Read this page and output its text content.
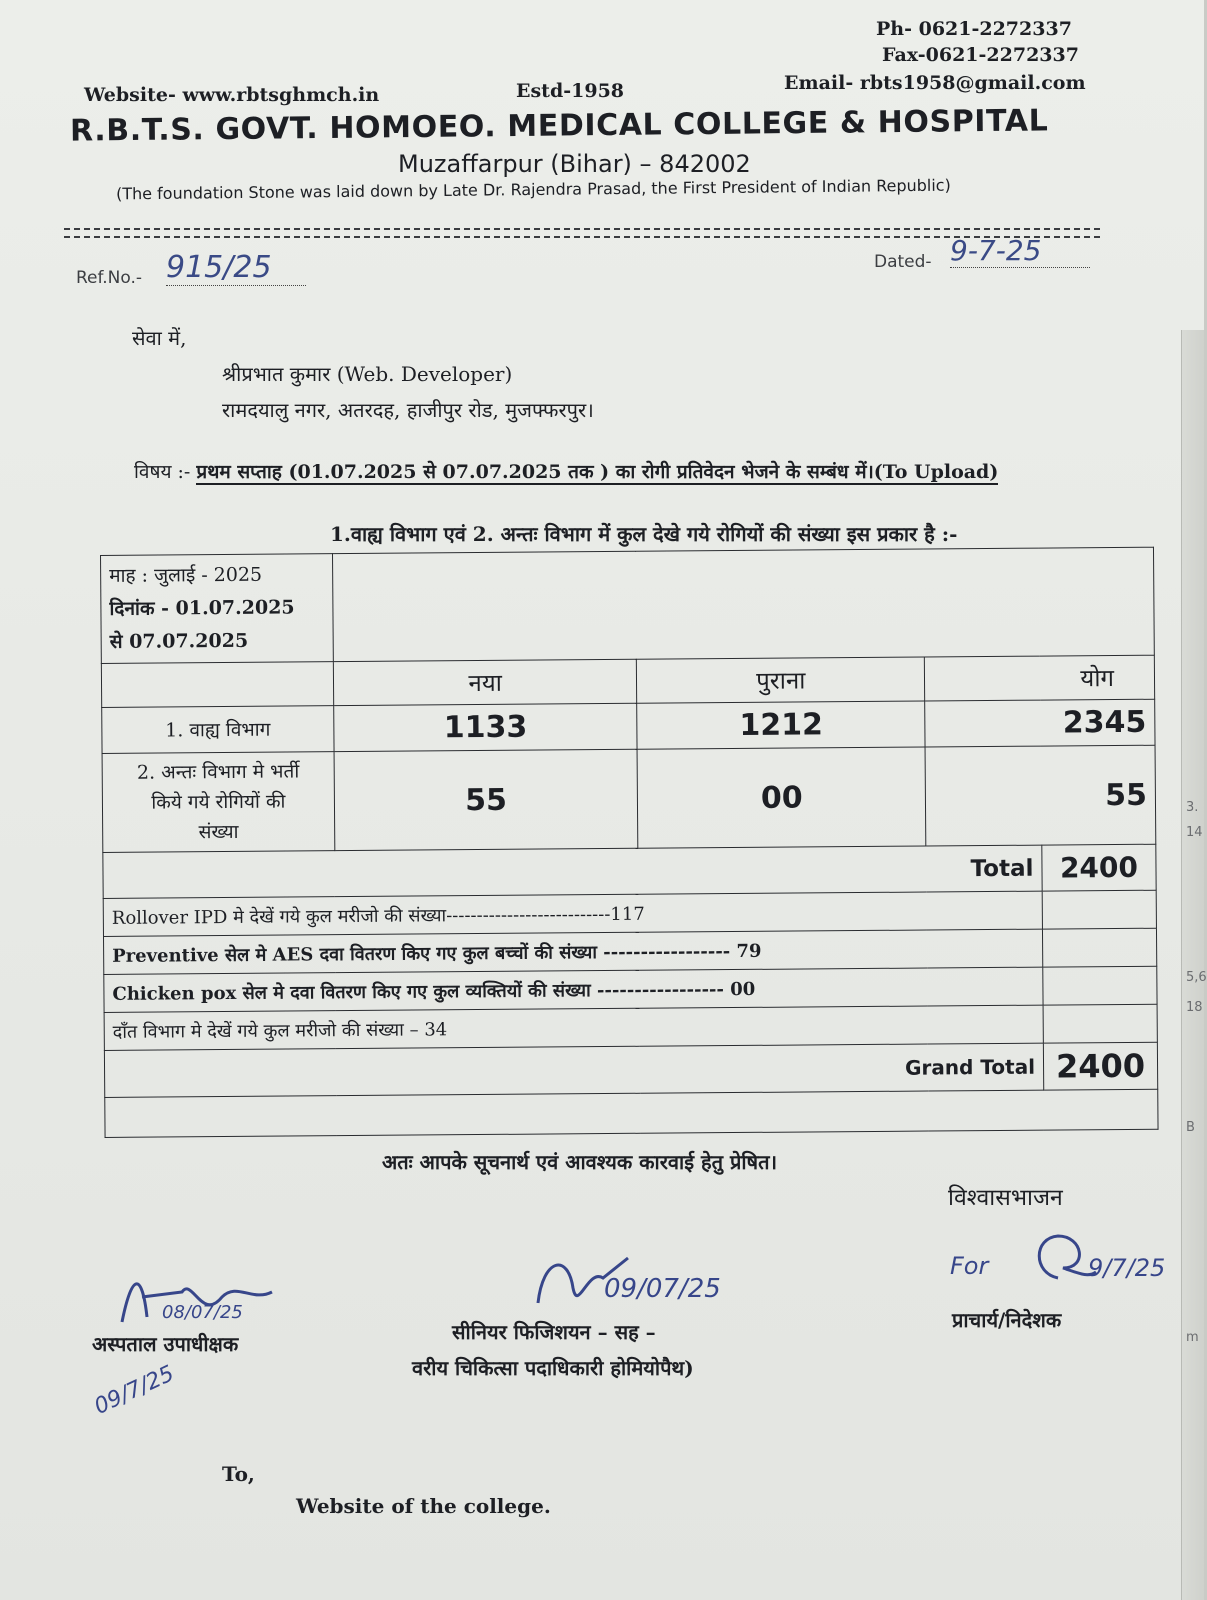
3.
14
5,6
18
B
m
Ph- 0621-2272337
Fax-0621-2272337
Email- rbts1958@gmail.com
Website- www.rbtsghmch.in	Estd-1958
R.B.T.S. GOVT. HOMOEO. MEDICAL COLLEGE & HOSPITAL
Muzaffarpur (Bihar) – 842002
(The foundation Stone was laid down by Late Dr. Rajendra Prasad, the First President of Indian Republic)
Ref.No.- 915/25	Dated- 9-7-25
सेवा में,
श्रीप्रभात कुमार (Web. Developer)
रामदयालु नगर, अतरदह, हाजीपुर रोड, मुजफ्फरपुर।
विषय :- प्रथम सप्ताह (01.07.2025 से 07.07.2025 तक ) का रोगी प्रतिवेदन भेजने के सम्बंध में।(To Upload)
1.वाह्य विभाग एवं 2. अन्तः विभाग में कुल देखे गये रोगियों की संख्या इस प्रकार है :-
माह : जुलाई - 2025
दिनांक - 01.07.2025
से 07.07.2025				

	नया	पुराना	योग	
1. वाह्य विभाग	1133	1212	2345	

2. अन्तः विभाग मे भर्ती
किये गये रोगियों की
संख्या	55	00	55	
Total				2400
Rollover IPD मे देखें गये कुल मरीजो की संख्या---------------------------117				
Preventive सेल मे AES दवा वितरण किए गए कुल बच्चों की संख्या ----------------- 79				
Chicken pox सेल मे दवा वितरण किए गए कुल व्यक्तियों की संख्या ----------------- 00				
दाँत विभाग मे देखें गये कुल मरीजो की संख्या – 34				
Grand Total				2400

अतः आपके सूचनार्थ एवं आवश्यक कारवाई हेतु प्रेषित।
विश्वासभाजन
08/07/25
अस्पताल उपाधीक्षक
09/7/25
09/07/25
सीनियर फिजिशयन – सह –
वरीय चिकित्सा पदाधिकारी होमियोपैथ)
For	9/7/25
प्राचार्य/निदेशक
To,
Website of the college.
